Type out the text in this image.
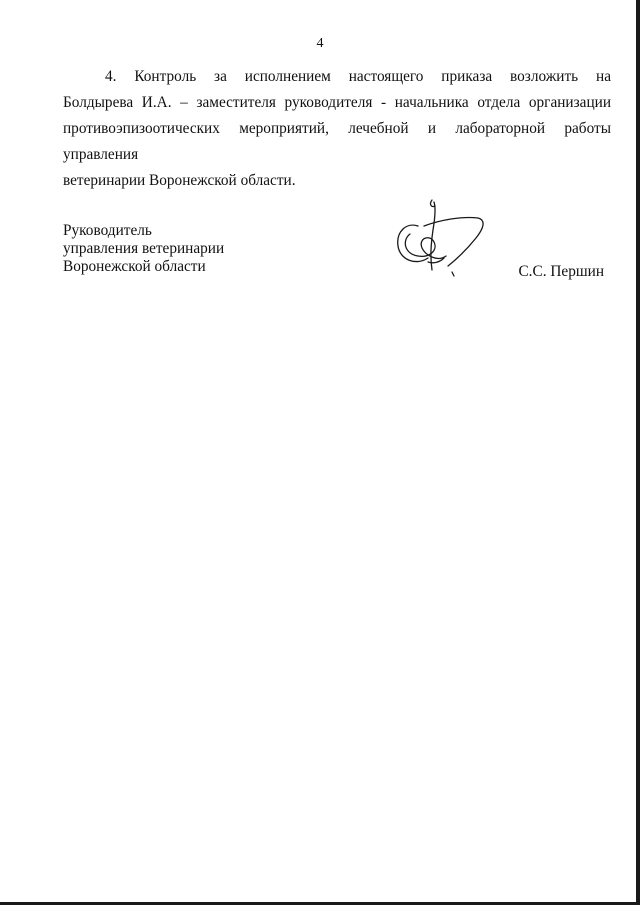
4

4. Контроль за исполнением настоящего приказа возложить на
Болдырева И.А. – заместителя руководителя - начальника отдела организации
противоэпизоотических мероприятий, лечебной и лабораторной работы управления
ветеринарии Воронежской области.

Руководитель
управления ветеринарии
Воронежской области	С.С. Першин
